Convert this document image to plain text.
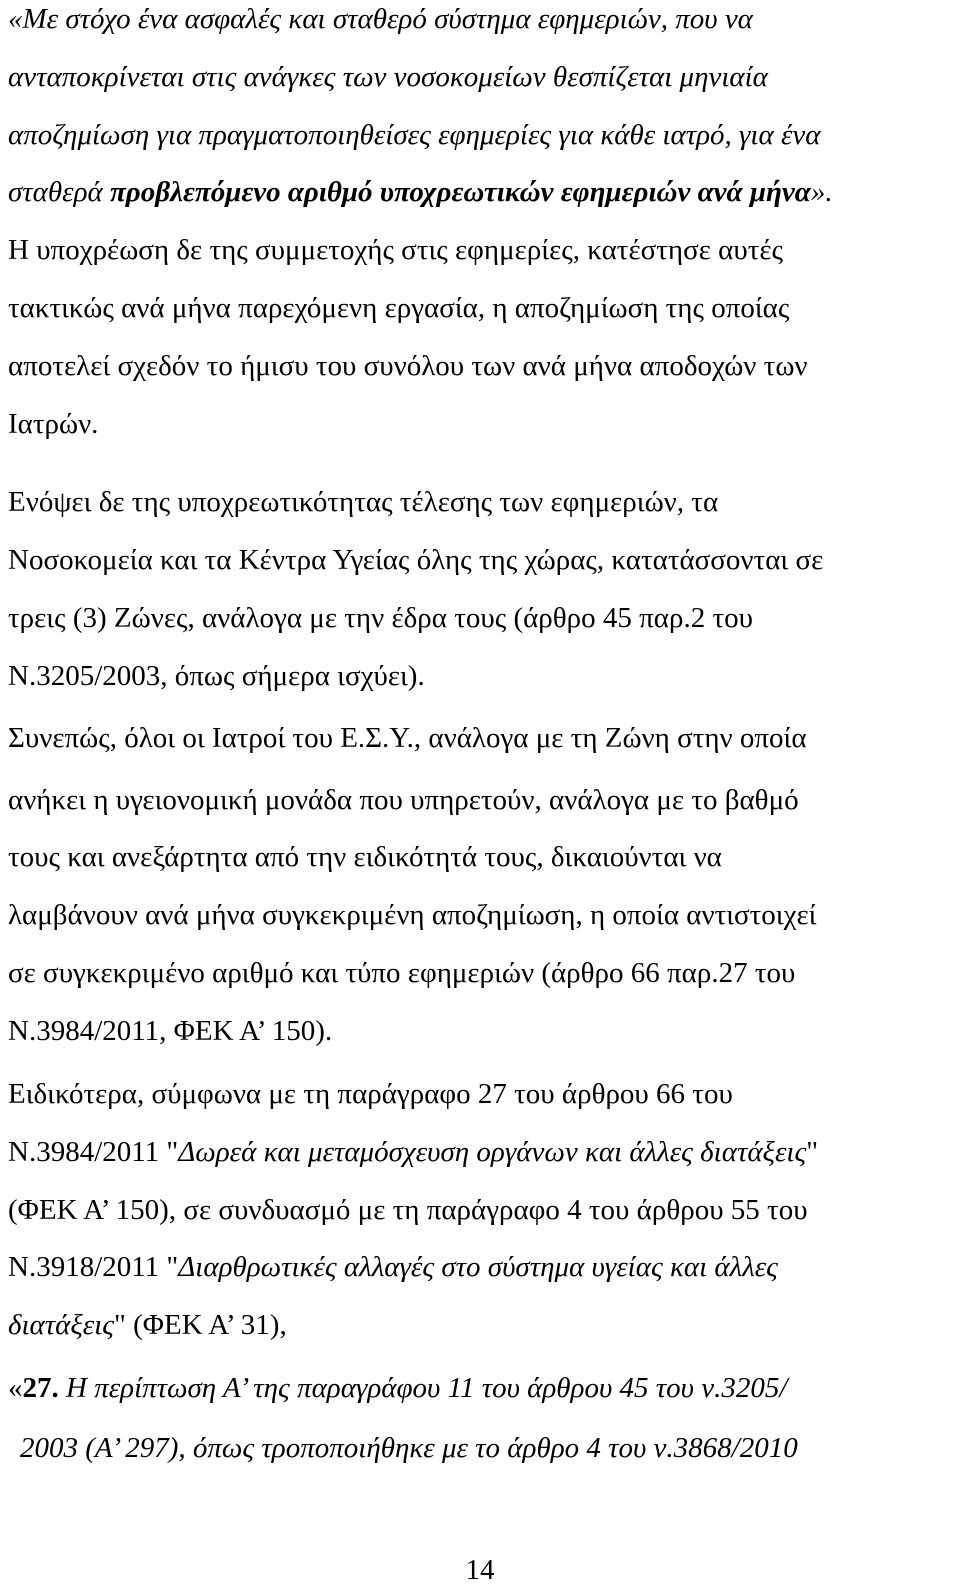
«Με στόχο ένα ασφαλές και σταθερό σύστημα εφημεριών, που να
ανταποκρίνεται στις ανάγκες των νοσοκομείων θεσπίζεται μηνιαία
αποζημίωση για πραγματοποιηθείσες εφημερίες για κάθε ιατρό, για ένα
σταθερά προβλεπόμενο αριθμό υποχρεωτικών εφημεριών ανά μήνα».
Η υποχρέωση δε της συμμετοχής στις εφημερίες, κατέστησε αυτές
τακτικώς ανά μήνα παρεχόμενη εργασία, η αποζημίωση της οποίας
αποτελεί σχεδόν το ήμισυ του συνόλου των ανά μήνα αποδοχών των
Ιατρών.
Ενόψει δε της υποχρεωτικότητας τέλεσης των εφημεριών, τα
Νοσοκομεία και τα Κέντρα Υγείας όλης της χώρας, κατατάσσονται σε
τρεις (3) Ζώνες, ανάλογα με την έδρα τους (άρθρο 45 παρ.2 του
Ν.3205/2003, όπως σήμερα ισχύει).
Συνεπώς, όλοι οι Ιατροί του Ε.Σ.Υ., ανάλογα με τη Ζώνη στην οποία
ανήκει η υγειονομική μονάδα που υπηρετούν, ανάλογα με το βαθμό
τους και ανεξάρτητα από την ειδικότητά τους, δικαιούνται να
λαμβάνουν ανά μήνα συγκεκριμένη αποζημίωση, η οποία αντιστοιχεί
σε συγκεκριμένο αριθμό και τύπο εφημεριών (άρθρο 66 παρ.27 του
Ν.3984/2011, ΦΕΚ Α’ 150).
Ειδικότερα, σύμφωνα με τη παράγραφο 27 του άρθρου 66 του
Ν.3984/2011 "Δωρεά και μεταμόσχευση οργάνων και άλλες διατάξεις"
(ΦΕΚ Α’ 150), σε συνδυασμό με τη παράγραφο 4 του άρθρου 55 του
Ν.3918/2011 "Διαρθρωτικές αλλαγές στο σύστημα υγείας και άλλες
διατάξεις" (ΦΕΚ Α’ 31),
«27. Η περίπτωση Α’ της παραγράφου 11 του άρθρου 45 του ν.3205/
2003 (Α’ 297), όπως τροποποιήθηκε με το άρθρο 4 του ν.3868/2010
14
